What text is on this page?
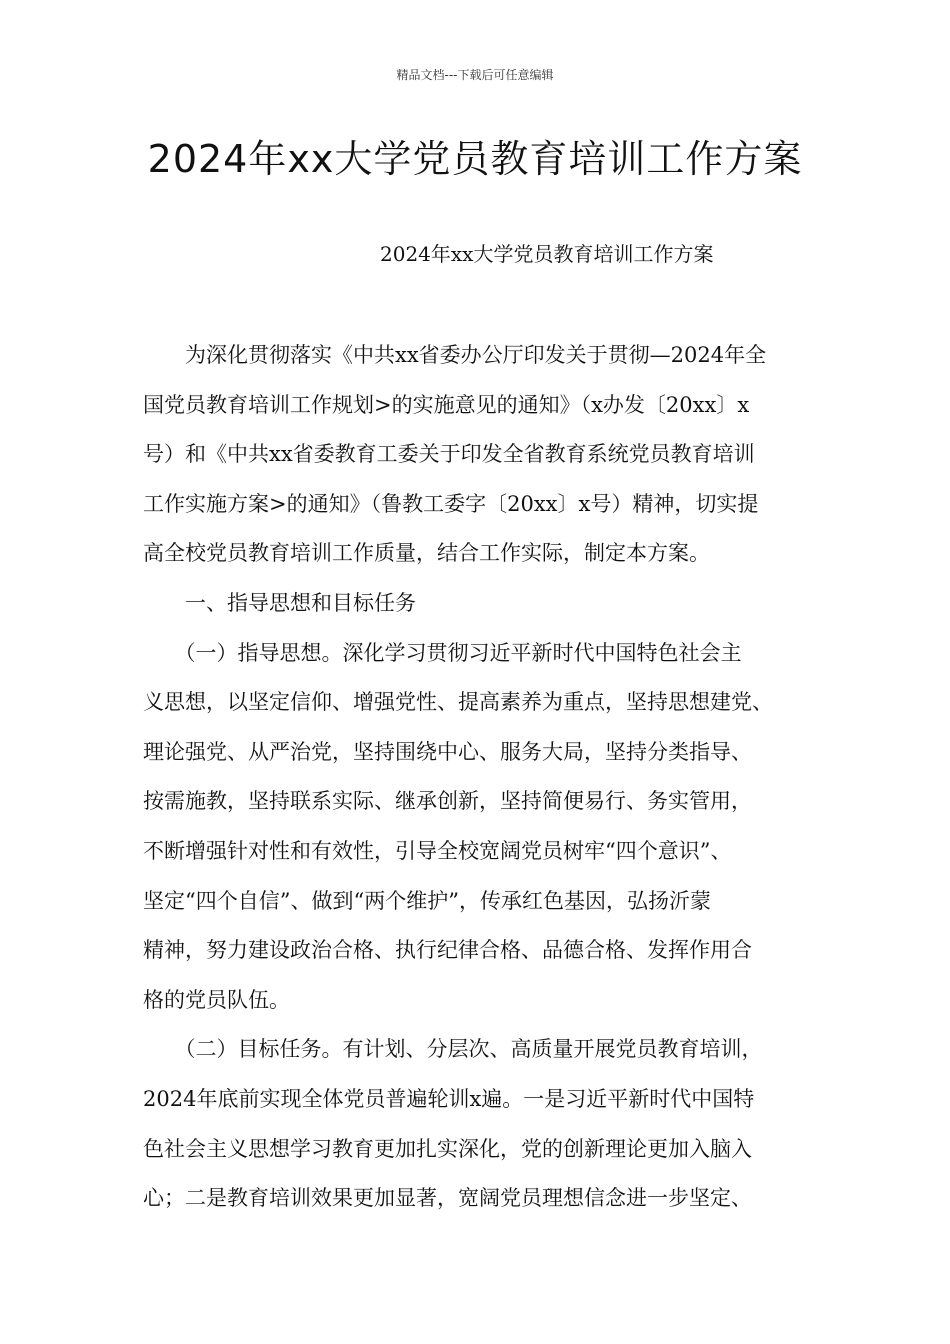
精品文档---下载后可任意编辑
2024年xx大学党员教育培训工作方案
2024年xx大学党员教育培训工作方案
　　为深化贯彻落实《中共xx省委办公厅印发关于贯彻—2024年全
国党员教育培训工作规划>的实施意见的通知》（x办发〔20xx〕x
号）和《中共xx省委教育工委关于印发全省教育系统党员教育培训
工作实施方案>的通知》（鲁教工委字〔20xx〕x号）精神，切实提
高全校党员教育培训工作质量，结合工作实际，制定本方案。
　　一、指导思想和目标任务
　　（一）指导思想。深化学习贯彻习近平新时代中国特色社会主
义思想，以坚定信仰、增强党性、提高素养为重点，坚持思想建党、
理论强党、从严治党，坚持围绕中心、服务大局，坚持分类指导、
按需施教，坚持联系实际、继承创新，坚持简便易行、务实管用，
不断增强针对性和有效性，引导全校宽阔党员树牢“四个意识”、
坚定“四个自信”、做到“两个维护”，传承红色基因，弘扬沂蒙
精神，努力建设政治合格、执行纪律合格、品德合格、发挥作用合
格的党员队伍。
　　（二）目标任务。有计划、分层次、高质量开展党员教育培训，
2024年底前实现全体党员普遍轮训x遍。一是习近平新时代中国特
色社会主义思想学习教育更加扎实深化，党的创新理论更加入脑入
心；二是教育培训效果更加显著，宽阔党员理想信念进一步坚定、
